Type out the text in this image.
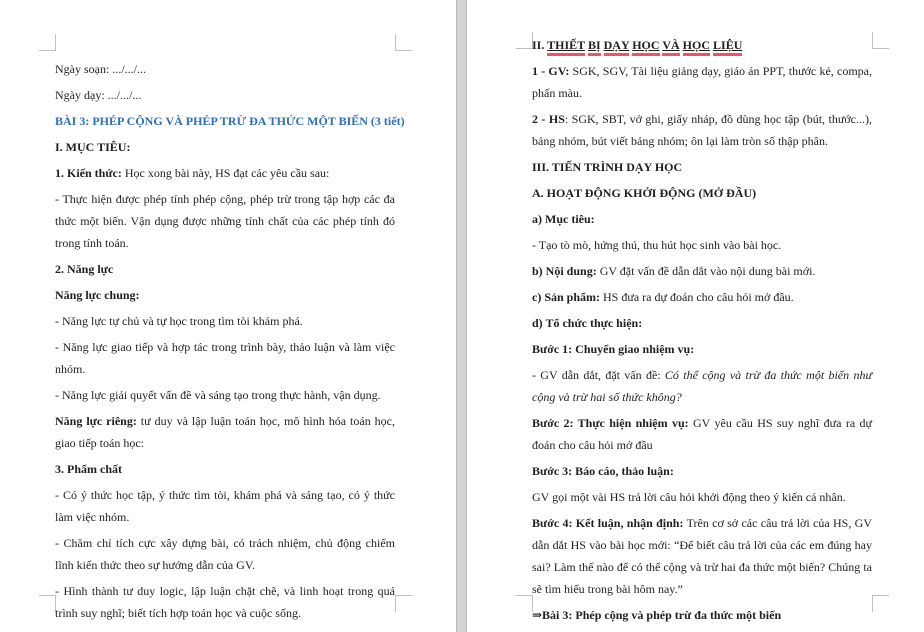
Ngày soạn: .../.../...

Ngày dạy: .../.../...

BÀI 3: PHÉP CỘNG VÀ PHÉP TRỪ ĐA THỨC MỘT BIẾN (3 tiết)

I. MỤC TIÊU:

1. Kiến thức: Học xong bài này, HS đạt các yêu cầu sau:

- Thực hiện được phép tính phép cộng, phép trừ trong tập hợp các đa thức một biến. Vận dụng được những tính chất của các phép tính đó trong tính toán.

2. Năng lực

Năng lực chung:

- Năng lực tự chủ và tự học trong tìm tòi khám phá.

- Năng lực giao tiếp và hợp tác trong trình bày, thảo luận và làm việc nhóm.

- Năng lực giải quyết vấn đề và sáng tạo trong thực hành, vận dụng.

Năng lực riêng: tư duy và lập luận toán học, mô hình hóa toán học, giao tiếp toán học:

3. Phẩm chất

- Có ý thức học tập, ý thức tìm tòi, khám phá và sáng tạo, có ý thức làm việc nhóm.

- Chăm chỉ tích cực xây dựng bài, có trách nhiệm, chủ động chiếm lĩnh kiến thức theo sự hướng dẫn của GV.

- Hình thành tư duy logic, lập luận chặt chẽ, và linh hoạt trong quá trình suy nghĩ; biết tích hợp toán học và cuộc sống.

II. THIẾT BỊ DẠY HỌC VÀ HỌC LIỆU

1 - GV: SGK, SGV, Tài liệu giảng dạy, giáo án PPT, thước kẻ, compa, phấn màu.

2 - HS: SGK, SBT, vở ghi, giấy nháp, đồ dùng học tập (bút, thước...), bảng nhóm, bút viết bảng nhóm; ôn lại làm tròn số thập phân.

III. TIẾN TRÌNH DẠY HỌC

A. HOẠT ĐỘNG KHỞI ĐỘNG (MỞ ĐẦU)

a) Mục tiêu:

- Tạo tò mò, hứng thú, thu hút học sinh vào bài học.

b) Nội dung: GV đặt vấn đề dẫn dắt vào nội dung bài mới.

c) Sản phẩm: HS đưa ra dự đoán cho câu hỏi mở đầu.

d) Tổ chức thực hiện:

Bước 1: Chuyển giao nhiệm vụ:

- GV dẫn dắt, đặt vấn đề: Có thể cộng và trừ đa thức một biến như cộng và trừ hai số thức không?

Bước 2: Thực hiện nhiệm vụ: GV yêu cầu HS suy nghĩ đưa ra dự đoán cho câu hỏi mở đầu

Bước 3: Báo cáo, thảo luận:

GV gọi một vài HS trả lời câu hỏi khởi động theo ý kiến cá nhân.

Bước 4: Kết luận, nhận định: Trên cơ sở các câu trả lời của HS, GV dẫn dắt HS vào bài học mới: “Để biết câu trả lời của các em đúng hay sai? Làm thế nào để có thể cộng và trừ hai đa thức một biến? Chúng ta sẽ tìm hiểu trong bài hôm nay.”

⇒Bài 3: Phép cộng và phép trừ đa thức một biến
